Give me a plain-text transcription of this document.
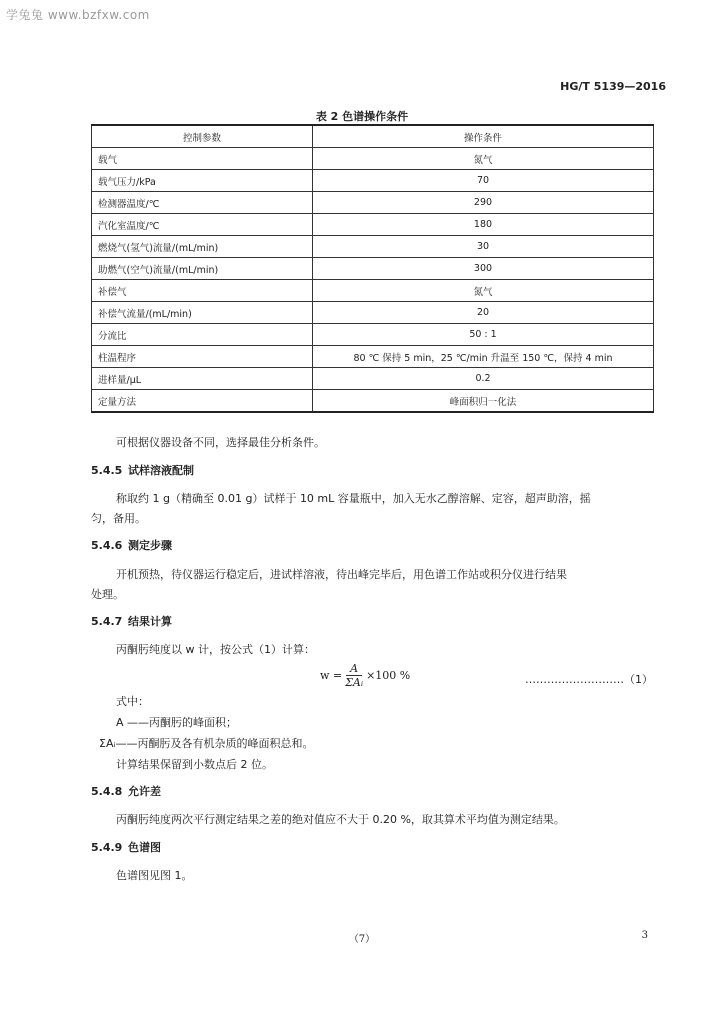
学兔兔 www.bzfxw.com
HG/T 5139—2016
表 2 色谱操作条件
控制参数	操作条件
载气	氮气
载气压力/kPa	70
检测器温度/℃	290
汽化室温度/℃	180
燃烧气(氢气)流量/(mL/min)	30
助燃气(空气)流量/(mL/min)	300
补偿气	氮气
补偿气流量/(mL/min)	20
分流比	50 : 1
柱温程序	80 ℃ 保持 5 min，25 ℃/min 升温至 150 ℃，保持 4 min
进样量/μL	0.2
定量方法	峰面积归一化法
可根据仪器设备不同，选择最佳分析条件。
5.4.5 试样溶液配制
称取约 1 g（精确至 0.01 g）试样于 10 mL 容量瓶中，加入无水乙醇溶解、定容，超声助溶，摇
匀，备用。
5.4.6 测定步骤
开机预热，待仪器运行稳定后，进试样溶液，待出峰完毕后，用色谱工作站或积分仪进行结果
处理。
5.4.7 结果计算
丙酮肟纯度以 w 计，按公式（1）计算：
$w = \frac{A}{\text{ΣAᵢ}} \times 100$ %	………………………（1）
式中：
A ——丙酮肟的峰面积；
ΣAᵢ——丙酮肟及各有机杂质的峰面积总和。
计算结果保留到小数点后 2 位。
5.4.8 允许差
丙酮肟纯度两次平行测定结果之差的绝对值应不大于 0.20 %，取其算术平均值为测定结果。
5.4.9 色谱图
色谱图见图 1。
（7）	3
